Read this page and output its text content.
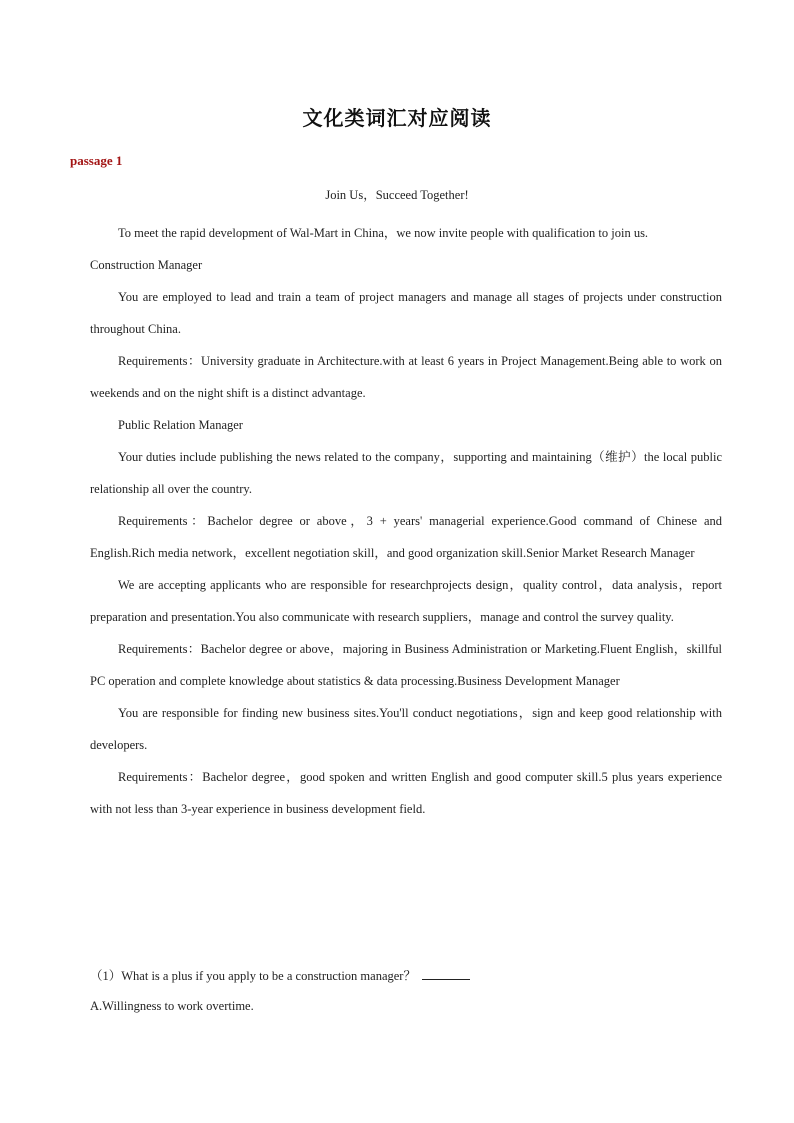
文化类词汇对应阅读
passage 1
Join Us，Succeed Together!

To meet the rapid development of Wal-Mart in China，we now invite people with qualification to join us.

Construction Manager

You are employed to lead and train a team of project managers and manage all stages of projects under construction throughout China.

Requirements：University graduate in Architecture.with at least 6 years in Project Management.Being able to work on weekends and on the night shift is a distinct advantage.

Public Relation Manager

Your duties include publishing the news related to the company，supporting and maintaining（维护）the local public relationship all over the country.

Requirements：Bachelor degree or above，3 + years' managerial experience.Good command of Chinese and English.Rich media network，excellent negotiation skill，and good organization skill.Senior Market Research Manager

We are accepting applicants who are responsible for researchprojects design，quality control，data analysis，report preparation and presentation.You also communicate with research suppliers，manage and control the survey quality.

Requirements：Bachelor degree or above，majoring in Business Administration or Marketing.Fluent English，skillful PC operation and complete knowledge about statistics & data processing.Business Development Manager

You are responsible for finding new business sites.You'll conduct negotiations，sign and keep good relationship with developers.

Requirements：Bachelor degree，good spoken and written English and good computer skill.5 plus years experience with not less than 3-year experience in business development field.

（1）What is a plus if you apply to be a construction manager？
A.Willingness to work overtime.
